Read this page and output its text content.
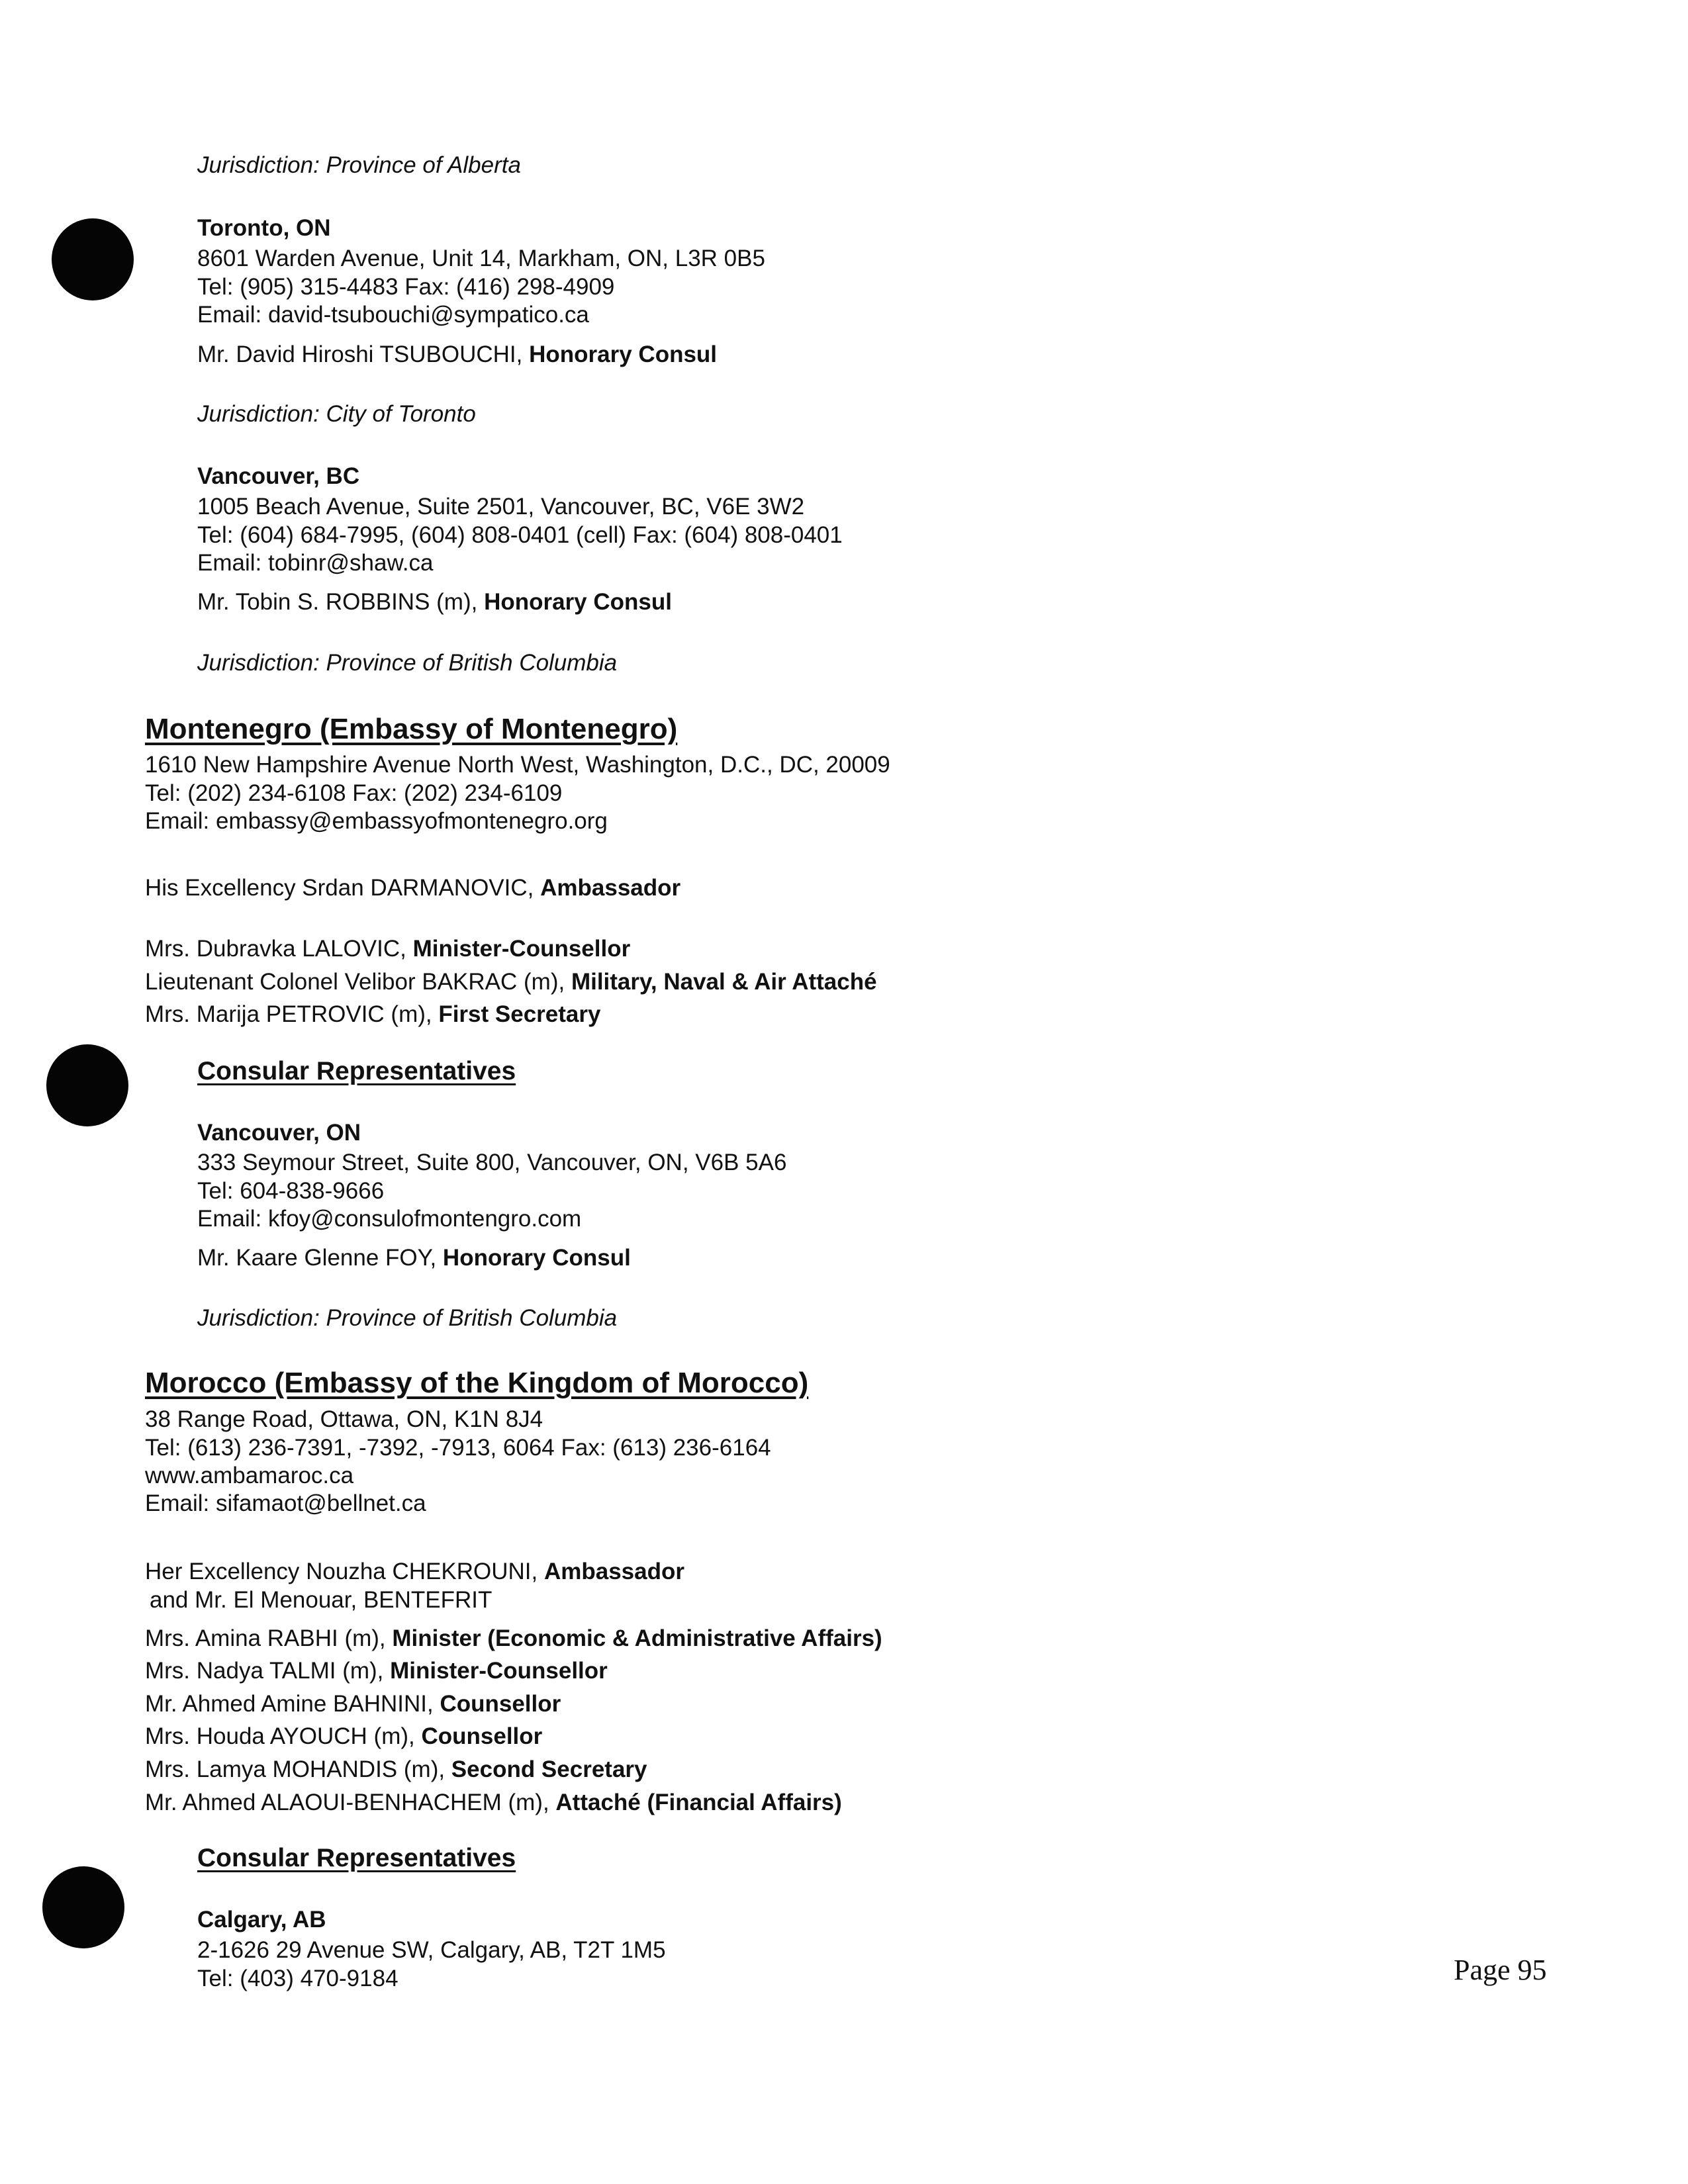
Jurisdiction: Province of Alberta
Toronto, ON
8601 Warden Avenue, Unit 14, Markham, ON, L3R 0B5
Tel: (905) 315-4483 Fax: (416) 298-4909
Email: david-tsubouchi@sympatico.ca
Mr. David Hiroshi TSUBOUCHI, Honorary Consul
Jurisdiction: City of Toronto
Vancouver, BC
1005 Beach Avenue, Suite 2501, Vancouver, BC, V6E 3W2
Tel: (604) 684-7995, (604) 808-0401 (cell) Fax: (604) 808-0401
Email: tobinr@shaw.ca
Mr. Tobin S. ROBBINS (m), Honorary Consul
Jurisdiction: Province of British Columbia
Montenegro (Embassy of Montenegro)
1610 New Hampshire Avenue North West, Washington, D.C., DC, 20009
Tel: (202) 234-6108 Fax: (202) 234-6109
Email: embassy@embassyofmontenegro.org
His Excellency Srdan DARMANOVIC, Ambassador
Mrs. Dubravka LALOVIC, Minister-Counsellor
Lieutenant Colonel Velibor BAKRAC (m), Military, Naval & Air Attaché
Mrs. Marija PETROVIC (m), First Secretary
Consular Representatives
Vancouver, ON
333 Seymour Street, Suite 800, Vancouver, ON, V6B 5A6
Tel: 604-838-9666
Email: kfoy@consulofmontengro.com
Mr. Kaare Glenne FOY, Honorary Consul
Jurisdiction: Province of British Columbia
Morocco (Embassy of the Kingdom of Morocco)
38 Range Road, Ottawa, ON, K1N 8J4
Tel: (613) 236-7391, -7392, -7913, 6064 Fax: (613) 236-6164
www.ambamaroc.ca
Email: sifamaot@bellnet.ca
Her Excellency Nouzha CHEKROUNI, Ambassador
and Mr. El Menouar, BENTEFRIT
Mrs. Amina RABHI (m), Minister (Economic & Administrative Affairs)
Mrs. Nadya TALMI (m), Minister-Counsellor
Mr. Ahmed Amine BAHNINI, Counsellor
Mrs. Houda AYOUCH (m), Counsellor
Mrs. Lamya MOHANDIS (m), Second Secretary
Mr. Ahmed ALAOUI-BENHACHEM (m), Attaché (Financial Affairs)
Consular Representatives
Calgary, AB
2-1626 29 Avenue SW, Calgary, AB, T2T 1M5
Tel: (403) 470-9184	Page 95
